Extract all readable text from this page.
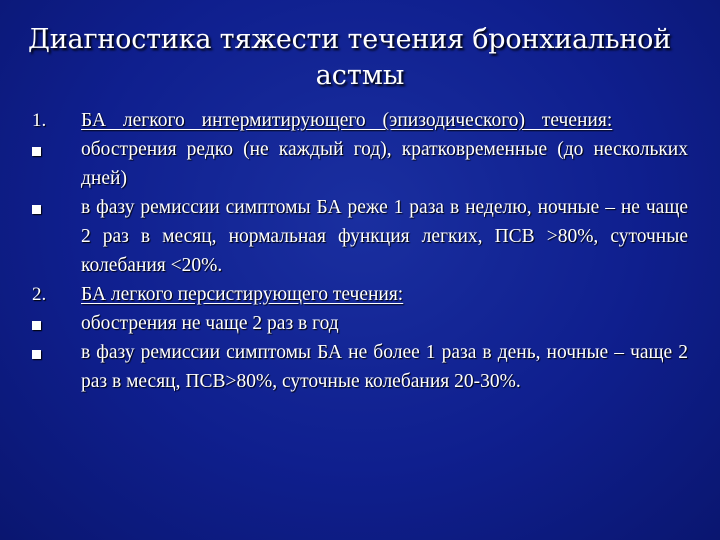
Диагностика тяжести течения бронхиальной
астмы
1. БА легкого интермитирующего (эпизодического) течения:
обострения редко (не каждый год), кратковременные (до нескольких дней)
в фазу ремиссии симптомы БА реже 1 раза в неделю, ночные – не чаще 2 раз в месяц, нормальная функция легких, ПСВ >80%, суточные колебания <20%.
2. БА легкого персистирующего течения:
обострения не чаще 2 раз в год
в фазу ремиссии симптомы БА не более 1 раза в день, ночные – чаще 2 раз в месяц, ПСВ>80%, суточные колебания 20-30%.
